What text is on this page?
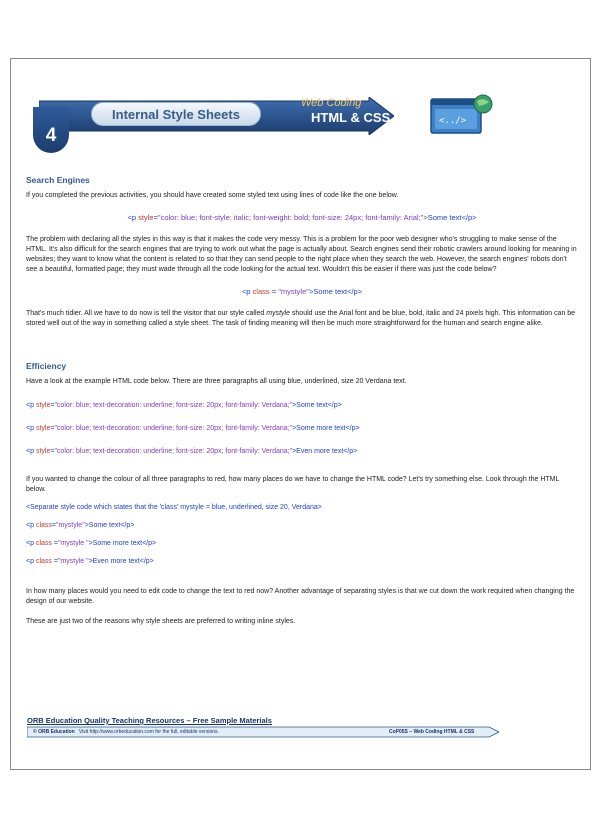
4
Internal Style Sheets
Web Coding
HTML & CSS	<../>
Search Engines

If you completed the previous activities, you should have created some styled text using lines of code like the one below.

<p style="color: blue; font-style: italic; font-weight: bold; font-size: 24px; font-family: Arial;">Some text</p>

The problem with declaring all the styles in this way is that it makes the code very messy. This is a problem for the poor web designer who's struggling to make sense of the HTML. It's also difficult for the search engines that are trying to work out what the page is actually about. Search engines send their robotic crawlers around looking for meaning in websites; they want to know what the content is related to so that they can send people to the right place when they search the web. However, the search engines' robots don't see a beautiful, formatted page; they must wade through all the code looking for the actual text. Wouldn't this be easier if there was just the code below?

<p class = "mystyle">Some text</p>

That's much tidier. All we have to do now is tell the visitor that our style called mystyle should use the Arial font and be blue, bold, italic and 24 pixels high. This information can be stored well out of the way in something called a style sheet. The task of finding meaning will then be much more straightforward for the human and search engine alike.

Efficiency

Have a look at the example HTML code below. There are three paragraphs all using blue, underlined, size 20 Verdana text.

<p style="color: blue; text-decoration: underline; font-size: 20px; font-family: Verdana;">Some text</p>

<p style="color: blue; text-decoration: underline; font-size: 20px; font-family: Verdana;">Some more text</p>

<p style="color: blue; text-decoration: underline; font-size: 20px; font-family: Verdana;">Even more text</p>

If you wanted to change the colour of all three paragraphs to red, how many places do we have to change the HTML code? Let's try something else. Look through the HTML below.

<Separate style code which states that the 'class' mystyle = blue, underlined, size 20, Verdana>

<p class="mystyle">Some text</p>

<p class ="mystyle ">Some more text</p>

<p class ="mystyle ">Even more text</p>

In how many places would you need to edit code to change the text to red now? Another advantage of separating styles is that we cut down the work required when changing the design of our website.

These are just two of the reasons why style sheets are preferred to writing inline styles.

ORB Education Quality Teaching Resources – Free Sample Materials
© ORB Education Visit http://www.orbeducation.com for the full, editable versions.	CoP05S – Web Coding HTML & CSS
